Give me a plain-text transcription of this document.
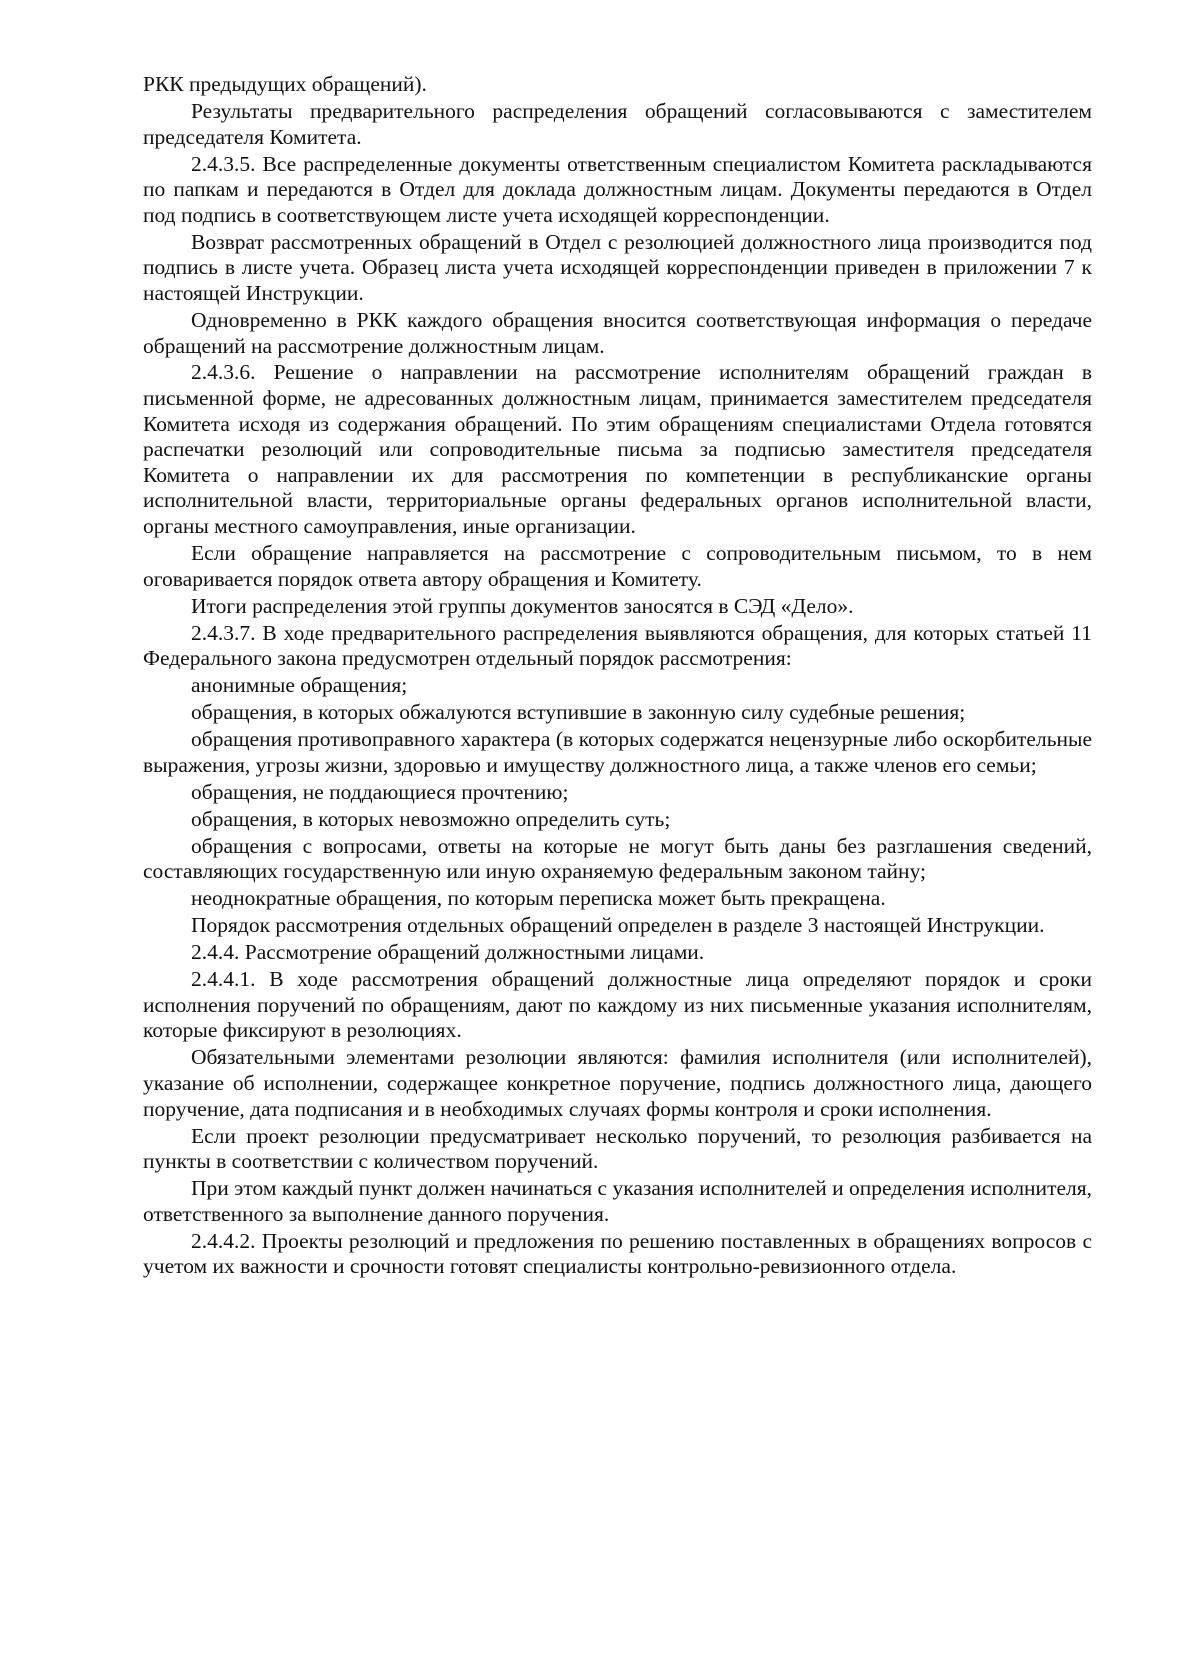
РКК предыдущих обращений).

Результаты предварительного распределения обращений согласовываются с заместителем председателя Комитета.

2.4.3.5. Все распределенные документы ответственным специалистом Комитета раскладываются по папкам и передаются в Отдел для доклада должностным лицам. Документы передаются в Отдел под подпись в соответствующем листе учета исходящей корреспонденции.

Возврат рассмотренных обращений в Отдел с резолюцией должностного лица производится под подпись в листе учета. Образец листа учета исходящей корреспонденции приведен в приложении 7 к настоящей Инструкции.

Одновременно в РКК каждого обращения вносится соответствующая информация о передаче обращений на рассмотрение должностным лицам.

2.4.3.6. Решение о направлении на рассмотрение исполнителям обращений граждан в письменной форме, не адресованных должностным лицам, принимается заместителем председателя Комитета исходя из содержания обращений. По этим обращениям специалистами Отдела готовятся распечатки резолюций или сопроводительные письма за подписью заместителя председателя Комитета о направлении их для рассмотрения по компетенции в республиканские органы исполнительной власти, территориальные органы федеральных органов исполнительной власти, органы местного самоуправления, иные организации.

Если обращение направляется на рассмотрение с сопроводительным письмом, то в нем оговаривается порядок ответа автору обращения и Комитету.

Итоги распределения этой группы документов заносятся в СЭД «Дело».

2.4.3.7. В ходе предварительного распределения выявляются обращения, для которых статьей 11 Федерального закона предусмотрен отдельный порядок рассмотрения:

анонимные обращения;

обращения, в которых обжалуются вступившие в законную силу судебные решения;

обращения противоправного характера (в которых содержатся нецензурные либо оскорбительные выражения, угрозы жизни, здоровью и имуществу должностного лица, а также членов его семьи;

обращения, не поддающиеся прочтению;

обращения, в которых невозможно определить суть;

обращения с вопросами, ответы на которые не могут быть даны без разглашения сведений, составляющих государственную или иную охраняемую федеральным законом тайну;

неоднократные обращения, по которым переписка может быть прекращена.

Порядок рассмотрения отдельных обращений определен в разделе 3 настоящей Инструкции.

2.4.4. Рассмотрение обращений должностными лицами.

2.4.4.1. В ходе рассмотрения обращений должностные лица определяют порядок и сроки исполнения поручений по обращениям, дают по каждому из них письменные указания исполнителям, которые фиксируют в резолюциях.

Обязательными элементами резолюции являются: фамилия исполнителя (или исполнителей), указание об исполнении, содержащее конкретное поручение, подпись должностного лица, дающего поручение, дата подписания и в необходимых случаях формы контроля и сроки исполнения.

Если проект резолюции предусматривает несколько поручений, то резолюция разбивается на пункты в соответствии с количеством поручений.

При этом каждый пункт должен начинаться с указания исполнителей и определения исполнителя, ответственного за выполнение данного поручения.

2.4.4.2. Проекты резолюций и предложения по решению поставленных в обращениях вопросов с учетом их важности и срочности готовят специалисты контрольно-ревизионного отдела.
